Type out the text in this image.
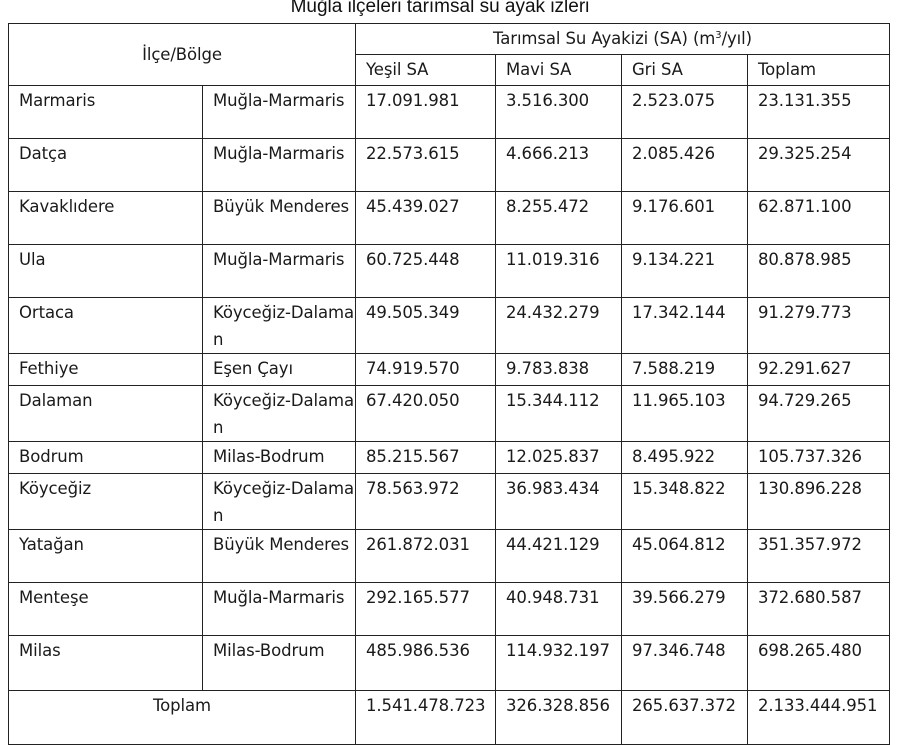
Muğla ilçeleri tarımsal su ayak izleri
İlçe/Bölge		Tarımsal Su Ayakizi (SA) $(m^3/yıl)$			
		Yeşil SA	Mavi SA	Gri SA	Toplam
Marmaris	Muğla-Marmaris	17.091.981	3.516.300	2.523.075	23.131.355
Datça	Muğla-Marmaris	22.573.615	4.666.213	2.085.426	29.325.254
Kavaklıdere	Büyük Menderes	45.439.027	8.255.472	9.176.601	62.871.100
Ula	Muğla-Marmaris	60.725.448	11.019.316	9.134.221	80.878.985
Ortaca	Köyceğiz-Dalaman	49.505.349	24.432.279	17.342.144	91.279.773
Fethiye	Eşen Çayı	74.919.570	9.783.838	7.588.219	92.291.627
Dalaman	Köyceğiz-Dalaman	67.420.050	15.344.112	11.965.103	94.729.265
Bodrum	Milas-Bodrum	85.215.567	12.025.837	8.495.922	105.737.326
Köyceğiz	Köyceğiz-Dalaman	78.563.972	36.983.434	15.348.822	130.896.228
Yatağan	Büyük Menderes	261.872.031	44.421.129	45.064.812	351.357.972
Menteşe	Muğla-Marmaris	292.165.577	40.948.731	39.566.279	372.680.587
Milas	Milas-Bodrum	485.986.536	114.932.197	97.346.748	698.265.480
Toplam		1.541.478.723	326.328.856	265.637.372	2.133.444.951
